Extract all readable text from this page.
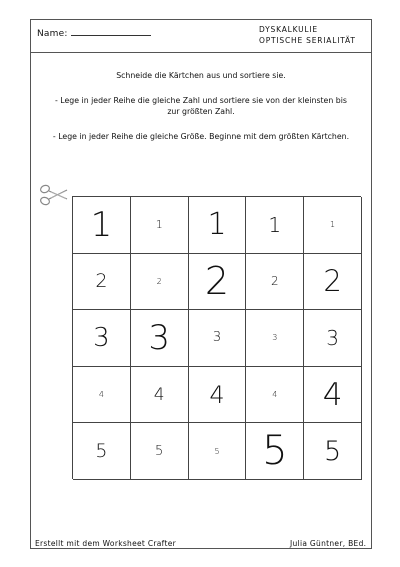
Name:	DYSKALKULIE
OPTISCHE SERIALITÄT
Schneide die Kärtchen aus und sortiere sie.
- Lege in jeder Reihe die gleiche Zahl und sortiere sie von der kleinsten bis
zur größten Zahl.
- Lege in jeder Reihe die gleiche Größe. Beginne mit dem größten Kärtchen.
1	1	1	1	1
2	2	2	2	2
3	3	3	3	3
4	4	4	4	4
5	5	5	5	5
Erstellt mit dem Worksheet Crafter	Julia Güntner, BEd.
